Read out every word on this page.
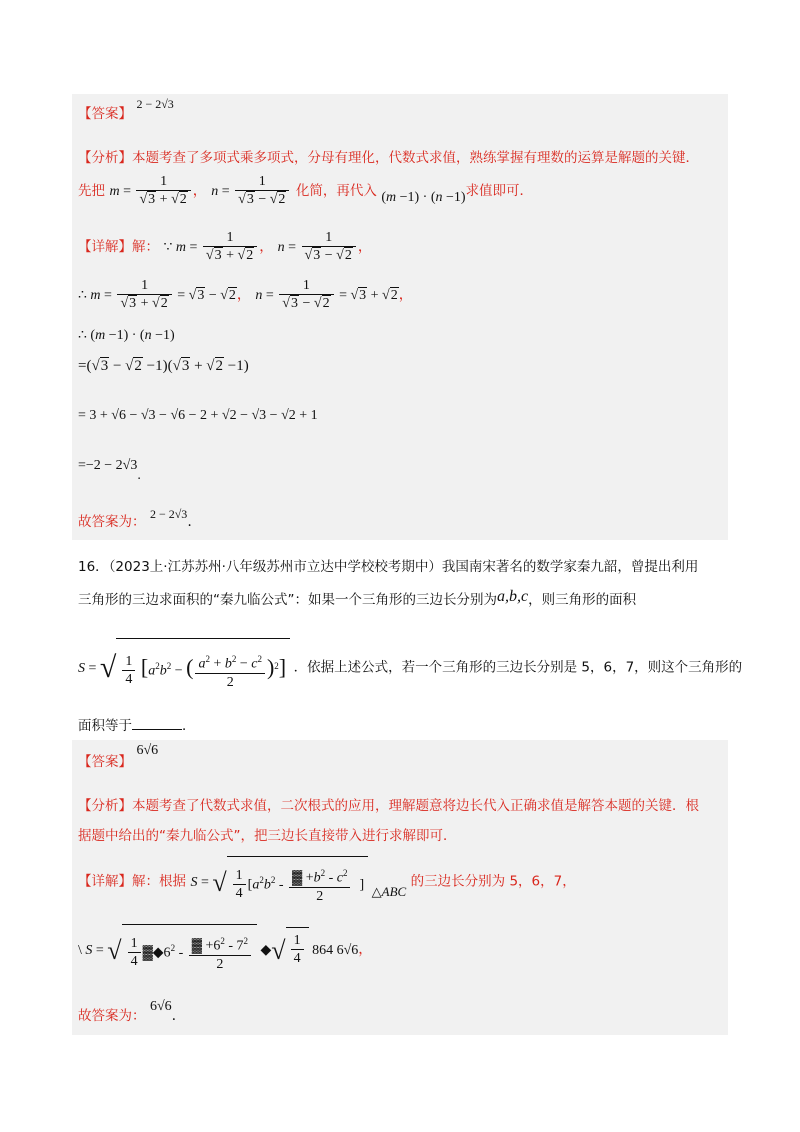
【答案】 2 − 2√3
【分析】本题考查了多项式乘多项式，分母有理化，代数式求值，熟练掌握有理数的运算是解题的关键．
先把 $m = \frac{1}{√3 + √2}$ ， $n = \frac{1}{√3 - √2}$ 化简，再代入 (m −1) · (n −1)求值即可．
【详解】解： ∵ $m = \frac{1}{√3 + √2}$ ， $n = \frac{1}{√3 - √2}$ ，
∴ $m = \frac{1}{√3 + √2} = √3 - √2$， $n = \frac{1}{√3 - √2} = √3 + √2$，
∴ (m −1) · (n −1)
=(√3 − √2 −1)(√3 + √2 −1)
= 3 + √6 − √3 − √6 − 2 + √2 − √3 − √2 + 1
=−2 − 2√3.
故答案为： 2 − 2√3.
16．（2023上·江苏苏州·八年级苏州市立达中学校校考期中）我国南宋著名的数学家秦九韶，曾提出利用
三角形的三边求面积的“秦九临公式”：如果一个三角形的三边长分别为a,b,c，则三角形的面积
S = √ $\frac{1}{4} [a^2b^2$ − ( $\frac{a^2 + b^2 - c^2}{2} )^2$] ．依据上述公式，若一个三角形的三边长分别是 5，6，7，则这个三角形的
面积等于	．
【答案】 6√6
【分析】本题考查了代数式求值，二次根式的应用，理解题意将边长代入正确求值是解答本题的关键．根
据题中给出的“秦九临公式”，把三边长直接带入进行求解即可．
【详解】解：根据 S = √ $\frac{1}{4} [a^2b^2 - \frac{▓ +b^2 - c^2}{2}$ ] △ABC 的三边长分别为 5，6，7，
\ S = √ $\frac{1}{4}$ $▓◆6^2 - \frac{▓ +6^2 - 7^2}{2}$ ◆√ $\frac{1}{4} 864$ 6√6，
故答案为： 6√6.
